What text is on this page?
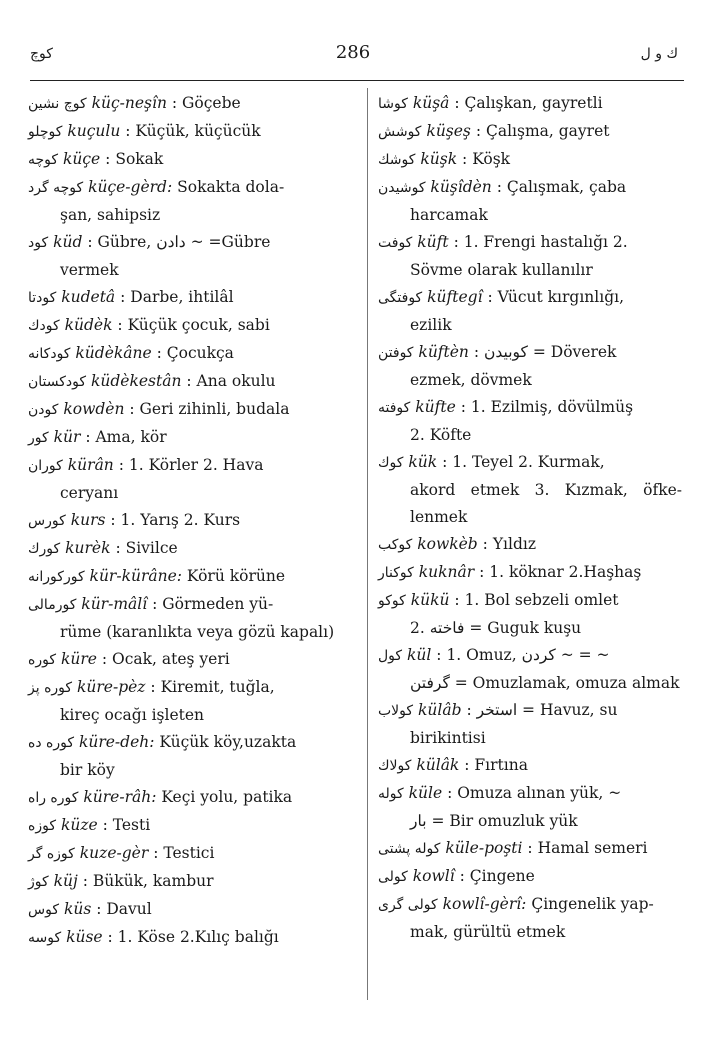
كوچ	286	ك و ل
كوچ نشين küç-neşîn : Göçebe
كوچلو kuçulu : Küçük, küçücük
كوچه küçe : Sokak
كوچه گرد küçe-gèrd: Sokakta dola-
şan, sahipsiz
كود küd : Gübre, دادن ~ =Gübre
vermek
كودتا kudetâ : Darbe, ihtilâl
كودك küdèk : Küçük çocuk, sabi
كودكانه küdèkâne : Çocukça
كودكستان küdèkestân : Ana okulu
كودن kowdèn : Geri zihinli, budala
كور kür : Ama, kör
كوران kürân : 1. Körler 2. Hava
ceryanı
كورس kurs : 1. Yarış 2. Kurs
كورك kurèk : Sivilce
كوركورانه kür-kürâne: Körü körüne
كورمالى kür-mâlî : Görmeden yü-
rüme (karanlıkta veya gözü kapalı)
كوره küre : Ocak, ateş yeri
كوره پز küre-pèz : Kiremit, tuğla,
kireç ocağı işleten
كوره ده küre-deh: Küçük köy,uzakta
bir köy
كوره راه küre-râh: Keçi yolu, patika
كوزه küze : Testi
كوزه گر kuze-gèr : Testici
كوژ küj : Bükük, kambur
كوس küs : Davul
كوسه küse : 1. Köse 2.Kılıç balığı
كوشا küşâ : Çalışkan, gayretli
كوشش küşeş : Çalışma, gayret
كوشك küşk : Köşk
كوشيدن küşîdèn : Çalışmak, çaba
harcamak
كوفت küft : 1. Frengi hastalığı 2.
Sövme olarak kullanılır
كوفتگى küftegî : Vücut kırgınlığı,
ezilik
كوفتن küftèn : كوبيدن = Döverek
ezmek, dövmek
كوفته küfte : 1. Ezilmiş, dövülmüş
2. Köfte
كوك kük : 1. Teyel 2. Kurmak,
akord etmek 3. Kızmak, öfke-lenmek
كوكب kowkèb : Yıldız
كوكنار kuknâr : 1. köknar 2.Haşhaş
كوكو kükü : 1. Bol sebzeli omlet
2. فاخته = Guguk kuşu
كول kül : 1. Omuz, كردن ~ = ~
گرفتن = Omuzlamak, omuza almak
كولاب külâb : استخر = Havuz, su
birikintisi
كولاك külâk : Fırtına
كوله küle : Omuza alınan yük, ~
بار = Bir omuzluk yük
كوله پشتى küle-poşti : Hamal semeri
كولى kowlî : Çingene
كولى گرى kowlî-gèrî: Çingenelik yap-
mak, gürültü etmek
